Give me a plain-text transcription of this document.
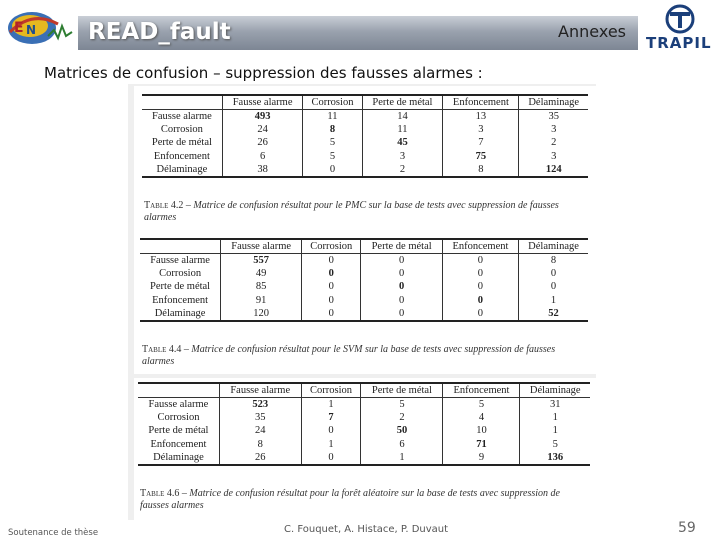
E N READ_fault	Annexes
TRAPIL
Matrices de confusion – suppression des fausses alarmes :
	Fausse alarme	Corrosion	Perte de métal	Enfoncement	Délaminage
Fausse alarme	493	11	14	13	35
Corrosion	24	8	11	3	3
Perte de métal	26	5	45	7	2
Enfoncement	6	5	3	75	3
Délaminage	38	0	2	8	124
Table 4.2 – Matrice de confusion résultat pour le PMC sur la base de tests avec suppression de fausses alarmes
	Fausse alarme	Corrosion	Perte de métal	Enfoncement	Délaminage
Fausse alarme	557	0	0	0	8
Corrosion	49	0	0	0	0
Perte de métal	85	0	0	0	0
Enfoncement	91	0	0	0	1
Délaminage	120	0	0	0	52
Table 4.4 – Matrice de confusion résultat pour le SVM sur la base de tests avec suppression de fausses alarmes
	Fausse alarme	Corrosion	Perte de métal	Enfoncement	Délaminage
Fausse alarme	523	1	5	5	31
Corrosion	35	7	2	4	1
Perte de métal	24	0	50	10	1
Enfoncement	8	1	6	71	5
Délaminage	26	0	1	9	136
Table 4.6 – Matrice de confusion résultat pour la forêt aléatoire sur la base de tests avec suppression de fausses alarmes
Soutenance de thèse	C. Fouquet, A. Histace, P. Duvaut	59
